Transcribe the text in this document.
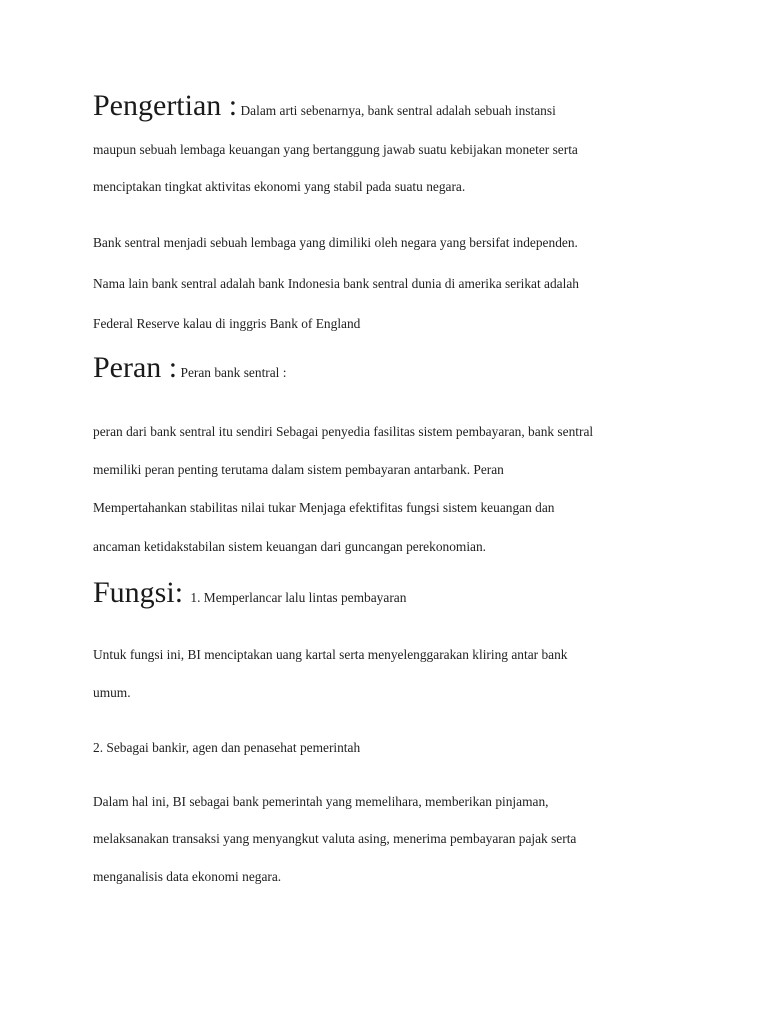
Pengertian : Dalam arti sebenarnya, bank sentral adalah sebuah instansi
maupun sebuah lembaga keuangan yang bertanggung jawab suatu kebijakan moneter serta
menciptakan tingkat aktivitas ekonomi yang stabil pada suatu negara.
Bank sentral menjadi sebuah lembaga yang dimiliki oleh negara yang bersifat independen.
Nama lain bank sentral adalah bank Indonesia bank sentral dunia di amerika serikat adalah
Federal Reserve kalau di inggris Bank of England
Peran : Peran bank sentral :
peran dari bank sentral itu sendiri Sebagai penyedia fasilitas sistem pembayaran, bank sentral
memiliki peran penting terutama dalam sistem pembayaran antarbank. Peran
Mempertahankan stabilitas nilai tukar Menjaga efektifitas fungsi sistem keuangan dan
ancaman ketidakstabilan sistem keuangan dari guncangan perekonomian.
Fungsi: 1. Memperlancar lalu lintas pembayaran
Untuk fungsi ini, BI menciptakan uang kartal serta menyelenggarakan kliring antar bank
umum.
2. Sebagai bankir, agen dan penasehat pemerintah
Dalam hal ini, BI sebagai bank pemerintah yang memelihara, memberikan pinjaman,
melaksanakan transaksi yang menyangkut valuta asing, menerima pembayaran pajak serta
menganalisis data ekonomi negara.
